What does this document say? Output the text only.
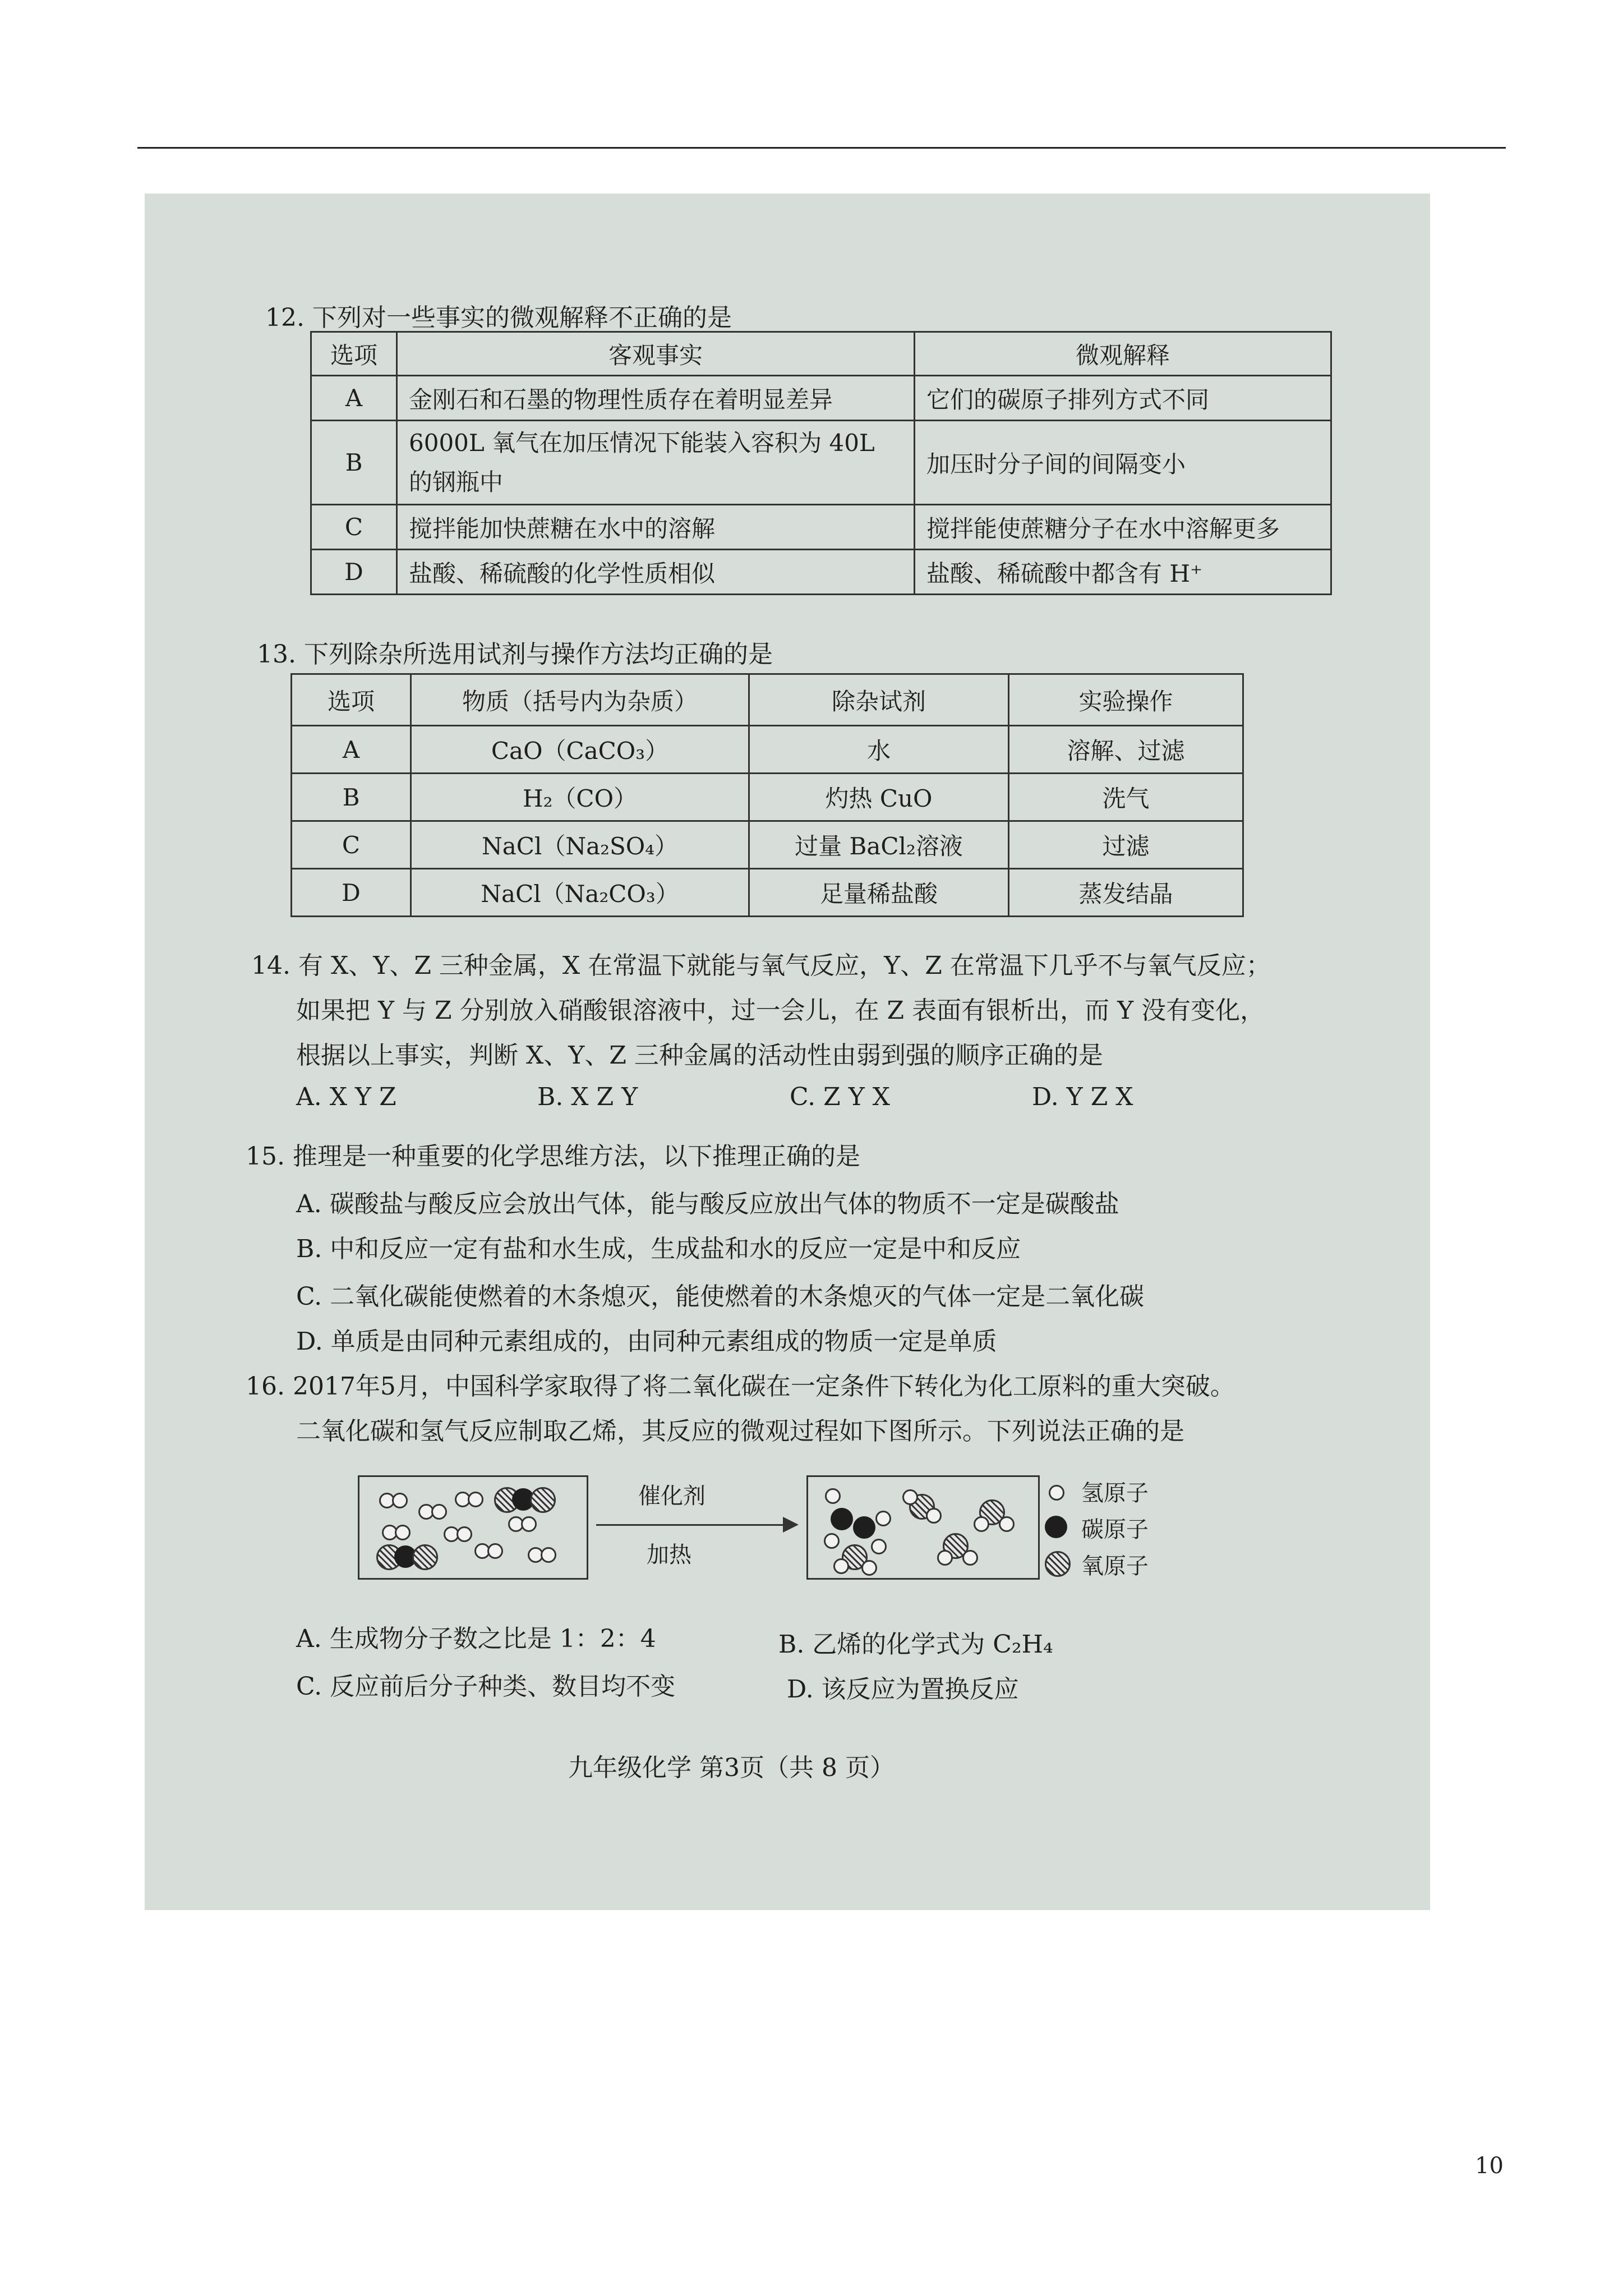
12. 下列对一些事实的微观解释不正确的是
选项	客观事实	微观解释
A	金刚石和石墨的物理性质存在着明显差异	它们的碳原子排列方式不同
B	6000L 氧气在加压情况下能装入容积为 40L 的钢瓶中	加压时分子间的间隔变小
C	搅拌能加快蔗糖在水中的溶解	搅拌能使蔗糖分子在水中溶解更多
D	盐酸、稀硫酸的化学性质相似	盐酸、稀硫酸中都含有 H⁺
13. 下列除杂所选用试剂与操作方法均正确的是
选项	物质（括号内为杂质）	除杂试剂	实验操作
A	CaO（CaCO₃）	水	溶解、过滤
B	H₂（CO）	灼热 CuO	洗气
C	NaCl（Na₂SO₄）	过量 BaCl₂溶液	过滤
D	NaCl（Na₂CO₃）	足量稀盐酸	蒸发结晶
14. 有 X、Y、Z 三种金属，X 在常温下就能与氧气反应，Y、Z 在常温下几乎不与氧气反应；
如果把 Y 与 Z 分别放入硝酸银溶液中，过一会儿，在 Z 表面有银析出，而 Y 没有变化，
根据以上事实，判断 X、Y、Z 三种金属的活动性由弱到强的顺序正确的是
A. X Y Z	B. X Z Y	C. Z Y X	D. Y Z X
15. 推理是一种重要的化学思维方法，以下推理正确的是
A. 碳酸盐与酸反应会放出气体，能与酸反应放出气体的物质不一定是碳酸盐
B. 中和反应一定有盐和水生成，生成盐和水的反应一定是中和反应
C. 二氧化碳能使燃着的木条熄灭，能使燃着的木条熄灭的气体一定是二氧化碳
D. 单质是由同种元素组成的，由同种元素组成的物质一定是单质
16. 2017年5月，中国科学家取得了将二氧化碳在一定条件下转化为化工原料的重大突破。
二氧化碳和氢气反应制取乙烯，其反应的微观过程如下图所示。下列说法正确的是
催化剂
加热
氢原子
碳原子
氧原子
A. 生成物分子数之比是 1：2：4	B. 乙烯的化学式为 C₂H₄
C. 反应前后分子种类、数目均不变	D. 该反应为置换反应
九年级化学 第3页（共 8 页）
10
